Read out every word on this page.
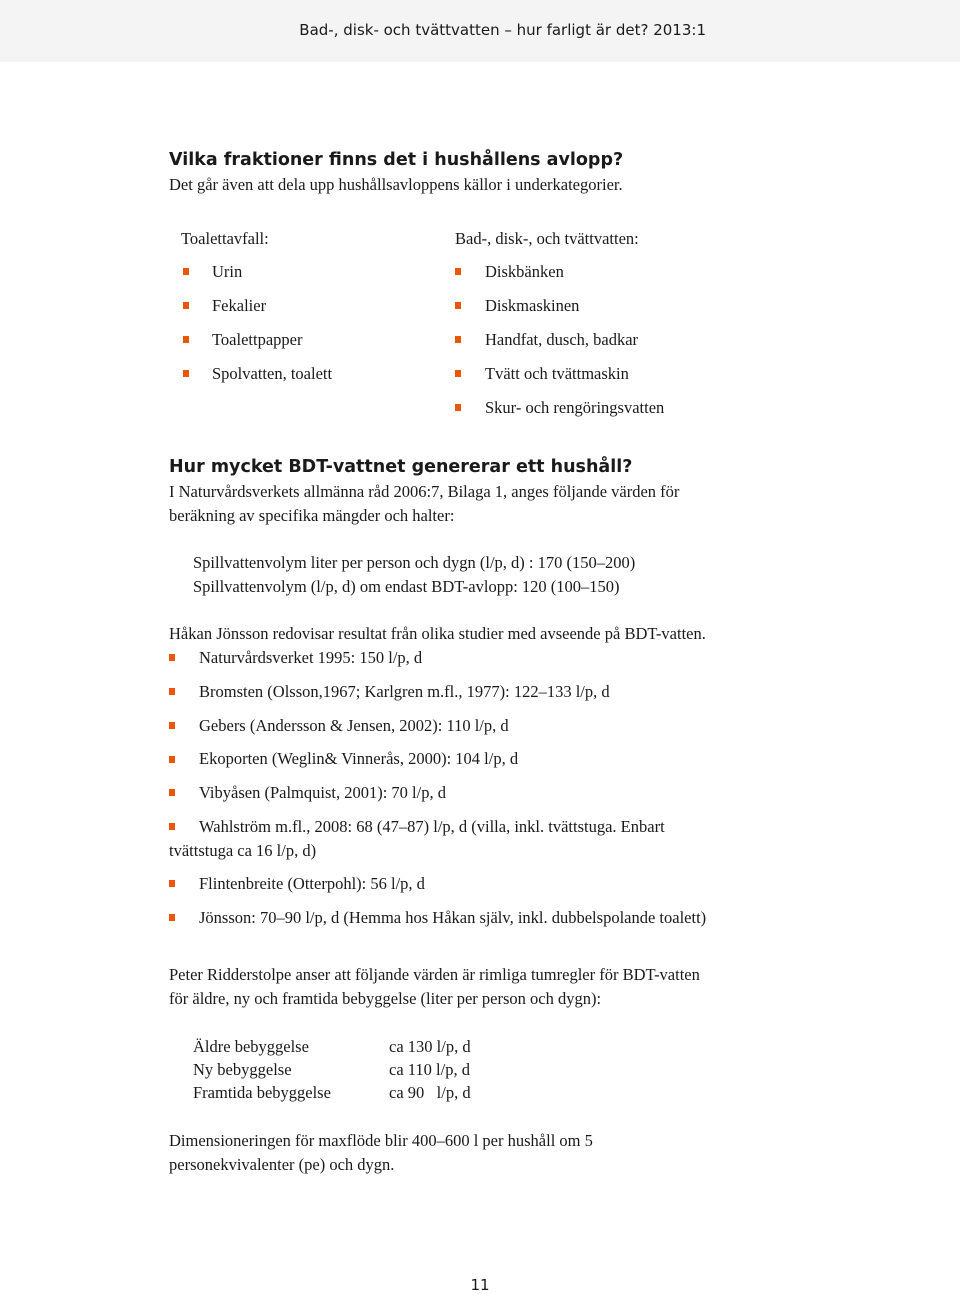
Bad-, disk- och tvättvatten – hur farligt är det? 2013:1
Vilka fraktioner finns det i hushållens avlopp?
Det går även att dela upp hushållsavloppens källor i underkategorier.
Toalettavfall:
Urin
Fekalier
Toalettpapper
Spolvatten, toalett
Bad-, disk-, och tvättvatten:
Diskbänken
Diskmaskinen
Handfat, dusch, badkar
Tvätt och tvättmaskin
Skur- och rengöringsvatten
Hur mycket BDT-vattnet genererar ett hushåll?
I Naturvårdsverkets allmänna råd 2006:7, Bilaga 1, anges följande värden för
beräkning av specifika mängder och halter:
Spillvattenvolym liter per person och dygn (l/p, d) : 170 (150–200)
Spillvattenvolym (l/p, d) om endast BDT-avlopp: 120 (100–150)
Håkan Jönsson redovisar resultat från olika studier med avseende på BDT-vatten.
Naturvårdsverket 1995: 150 l/p, d
Bromsten (Olsson,1967; Karlgren m.fl., 1977): 122–133 l/p, d
Gebers (Andersson & Jensen, 2002): 110 l/p, d
Ekoporten (Weglin& Vinnerås, 2000): 104 l/p, d
Vibyåsen (Palmquist, 2001): 70 l/p, d
Wahlström m.fl., 2008: 68 (47–87) l/p, d (villa, inkl. tvättstuga. Enbart
tvättstuga ca 16 l/p, d)
Flintenbreite (Otterpohl): 56 l/p, d
Jönsson: 70–90 l/p, d (Hemma hos Håkan själv, inkl. dubbelspolande toalett)
Peter Ridderstolpe anser att följande värden är rimliga tumregler för BDT-vatten
för äldre, ny och framtida bebyggelse (liter per person och dygn):
Äldre bebyggelse	ca 130 l/p, d
Ny bebyggelse	ca 110 l/p, d
Framtida bebyggelse	ca 90   l/p, d
Dimensioneringen för maxflöde blir 400–600 l per hushåll om 5
personekvivalenter (pe) och dygn.
11
